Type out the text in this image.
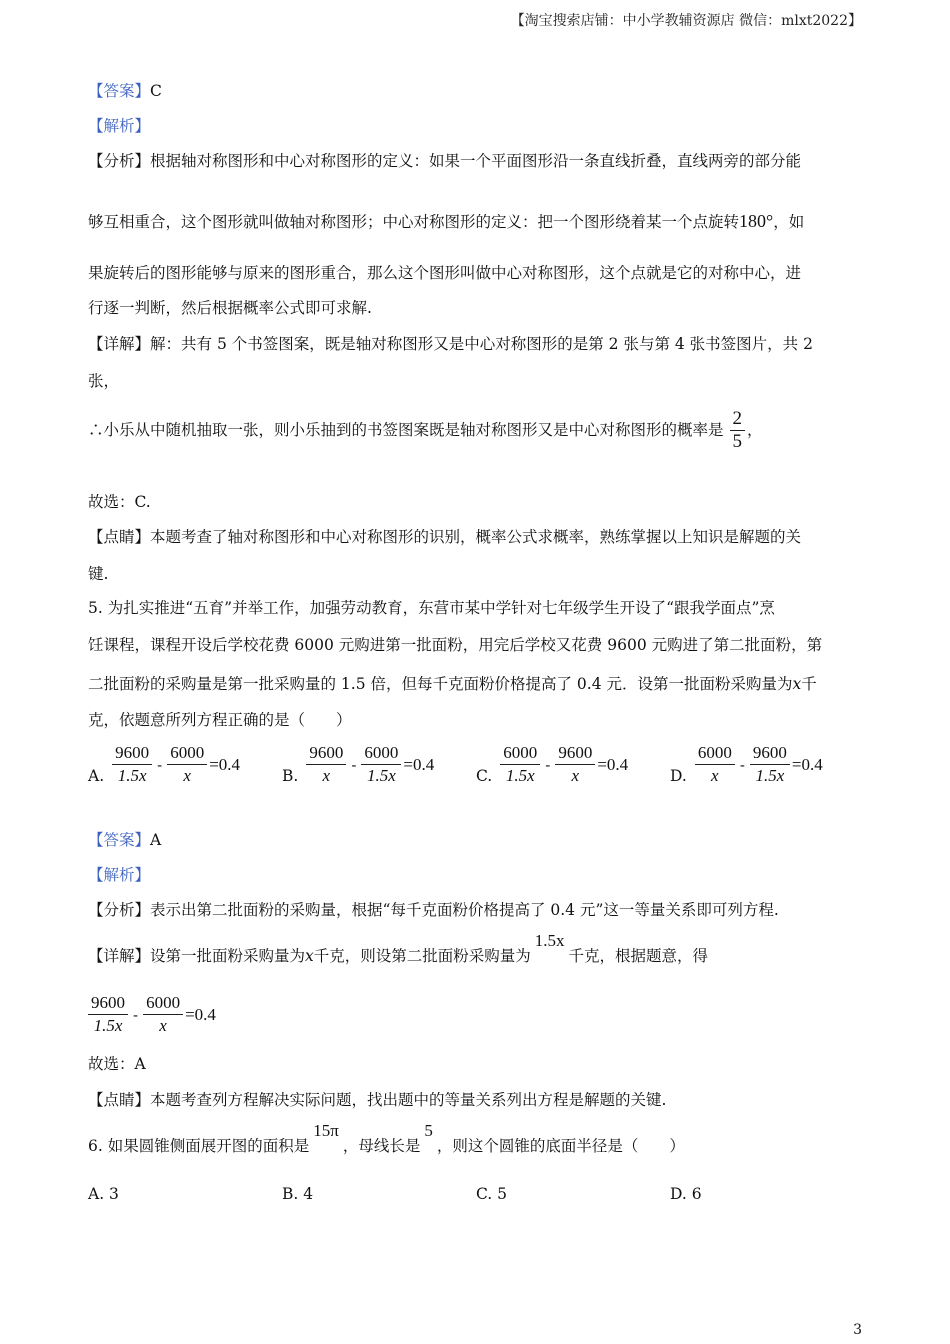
【淘宝搜索店铺：中小学教辅资源店 微信：mlxt2022】
【答案】C
【解析】
【分析】根据轴对称图形和中心对称图形的定义：如果一个平面图形沿一条直线折叠，直线两旁的部分能
够互相重合，这个图形就叫做轴对称图形；中心对称图形的定义：把一个图形绕着某一个点旋转180°，如
果旋转后的图形能够与原来的图形重合，那么这个图形叫做中心对称图形，这个点就是它的对称中心，进
行逐一判断，然后根据概率公式即可求解.
【详解】解：共有 5 个书签图案，既是轴对称图形又是中心对称图形的是第 2 张与第 4 张书签图片，共 2
张，
∴小乐从中随机抽取一张，则小乐抽到的书签图案既是轴对称图形又是中心对称图形的概率是 $\frac{2}{5}$ ，
故选：C.
【点睛】本题考查了轴对称图形和中心对称图形的识别，概率公式求概率，熟练掌握以上知识是解题的关
键.
5. 为扎实推进“五育”并举工作，加强劳动教育，东营市某中学针对七年级学生开设了“跟我学面点”烹
饪课程，课程开设后学校花费 6000 元购进第一批面粉，用完后学校又花费 9600 元购进了第二批面粉，第
二批面粉的采购量是第一批采购量的 1.5 倍，但每千克面粉价格提高了 0.4 元．设第一批面粉采购量为x千
克，依题意所列方程正确的是（　　）
A. $\frac{9600}{1.5x} - \frac{6000}{x} =0.4$
B. $\frac{9600}{x} - \frac{6000}{1.5x} =0.4$
C. $\frac{6000}{1.5x} - \frac{9600}{x} =0.4$
D. $\frac{6000}{x} - \frac{9600}{1.5x} =0.4$
【答案】A
【解析】
【分析】表示出第二批面粉的采购量，根据“每千克面粉价格提高了 0.4 元”这一等量关系即可列方程.
【详解】设第一批面粉采购量为x千克，则设第二批面粉采购量为1.5x千克，根据题意，得
$\frac{9600}{1.5x} - \frac{6000}{x} =0.4$
故选：A
【点睛】本题考查列方程解决实际问题，找出题中的等量关系列出方程是解题的关键.
6. 如果圆锥侧面展开图的面积是15π，母线长是5，则这个圆锥的底面半径是（　　）
A. 3	B. 4	C. 5	D. 6
3
